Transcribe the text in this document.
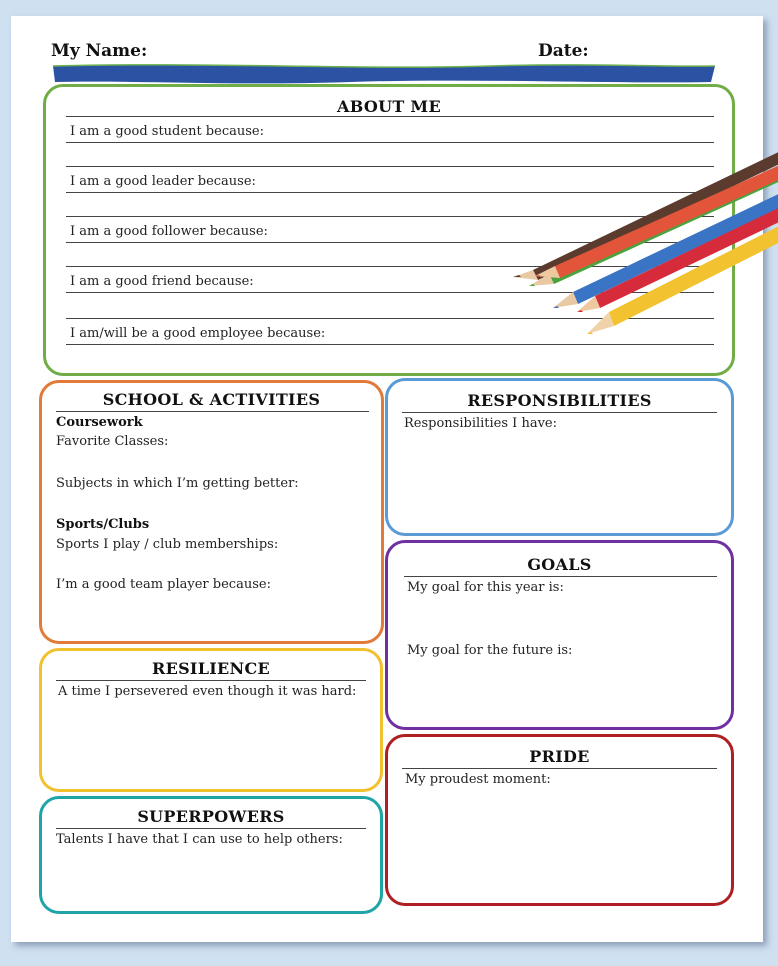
My Name:	Date:
ABOUT ME
I am a good student because:
I am a good leader because:
I am a good follower because:
I am a good friend because:
I am/will be a good employee because:
SCHOOL & ACTIVITIES
Coursework
Favorite Classes:
Subjects in which I’m getting better:
Sports/Clubs
Sports I play / club memberships:
I’m a good team player because:
RESPONSIBILITIES
Responsibilities I have:
GOALS
My goal for this year is:
My goal for the future is:
RESILIENCE
A time I persevered even though it was hard:
SUPERPOWERS
Talents I have that I can use to help others:
PRIDE
My proudest moment:
